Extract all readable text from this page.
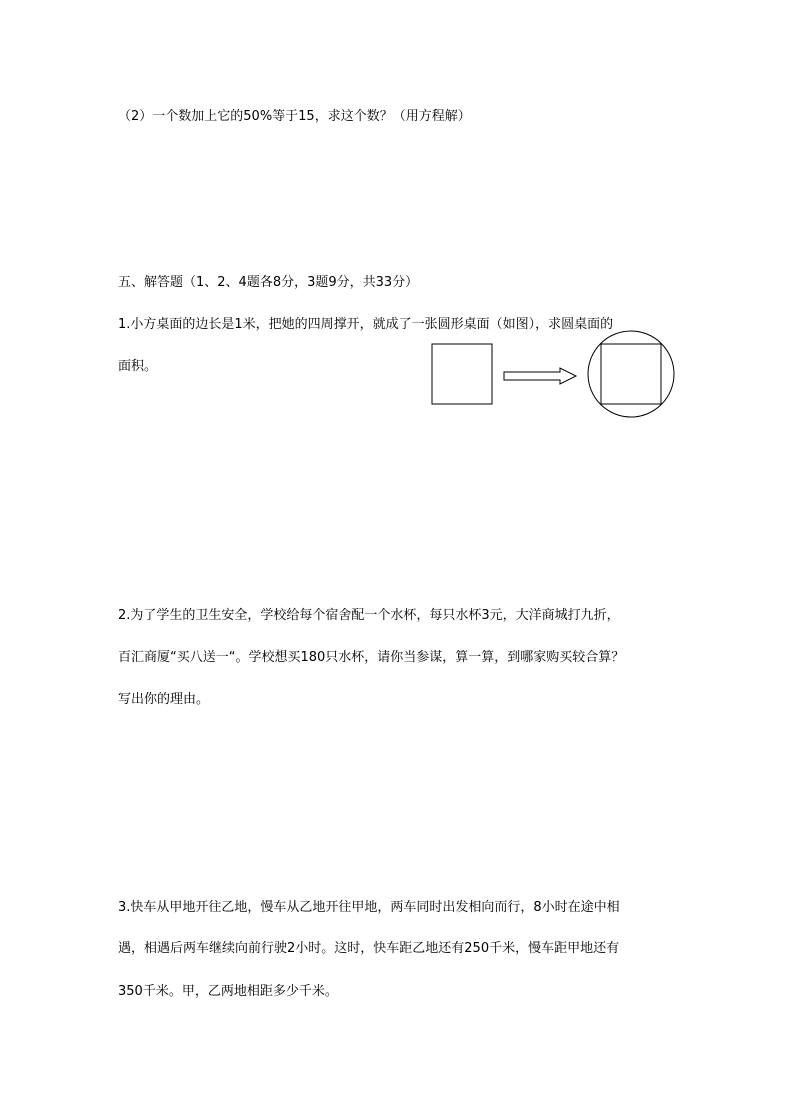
（2）一个数加上它的50%等于15，求这个数？（用方程解）
五、解答题（1、2、4题各8分，3题9分，共33分）
1.小方桌面的边长是1米，把她的四周撑开，就成了一张圆形桌面（如图），求圆桌面的
面积。
2.为了学生的卫生安全，学校给每个宿舍配一个水杯，每只水杯3元，大洋商城打九折，
百汇商厦“买八送一“。学校想买180只水杯，请你当参谋，算一算，到哪家购买较合算？
写出你的理由。
3.快车从甲地开往乙地，慢车从乙地开往甲地，两车同时出发相向而行，8小时在途中相
遇，相遇后两车继续向前行驶2小时。这时，快车距乙地还有250千米，慢车距甲地还有
350千米。甲，乙两地相距多少千米。
